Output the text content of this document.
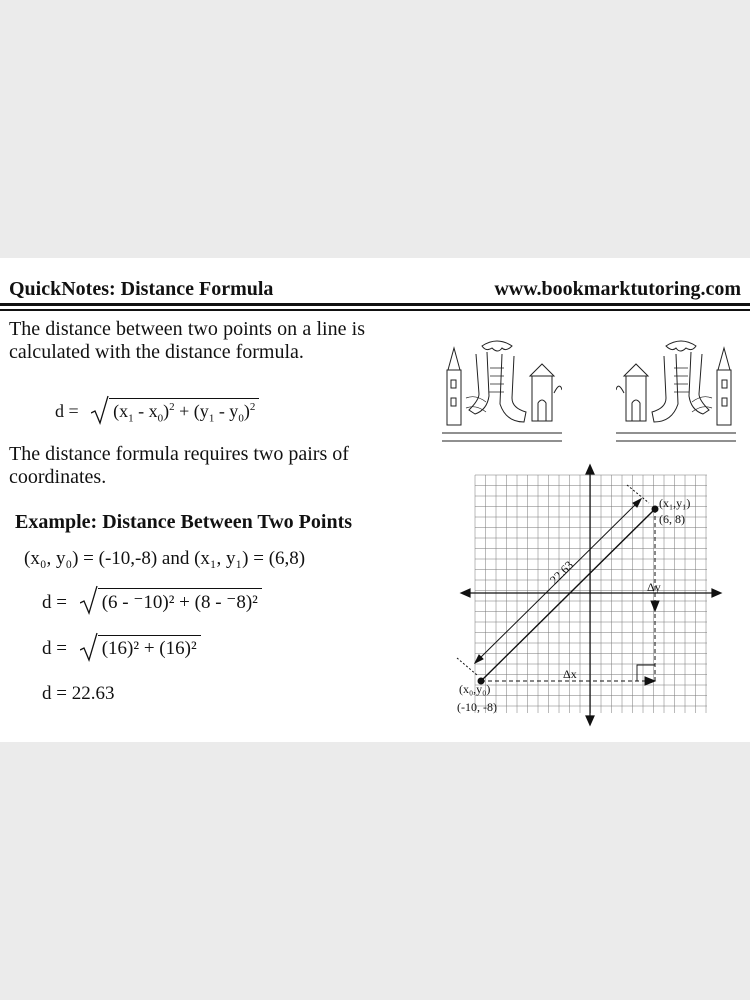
QuickNotes: Distance Formula	www.bookmarktutoring.com
The distance between two points on a line is calculated with the distance formula.
$d = (x_1 - x_0)^2 + (y_1 - y_0)^2$
The distance formula requires two pairs of coordinates.
Example: Distance Between Two Points
(x₀, y₀) = (-10,-8) and (x₁, y₁) = (6,8)
d = (6 - ⁻10)² + (8 - ⁻8)²
d = (16)² + (16)²
d = 22.63
(x₁,y₁)
(6, 8)
(x₀,y₀)
(-10, -8)
22.63
Δx
Δy
